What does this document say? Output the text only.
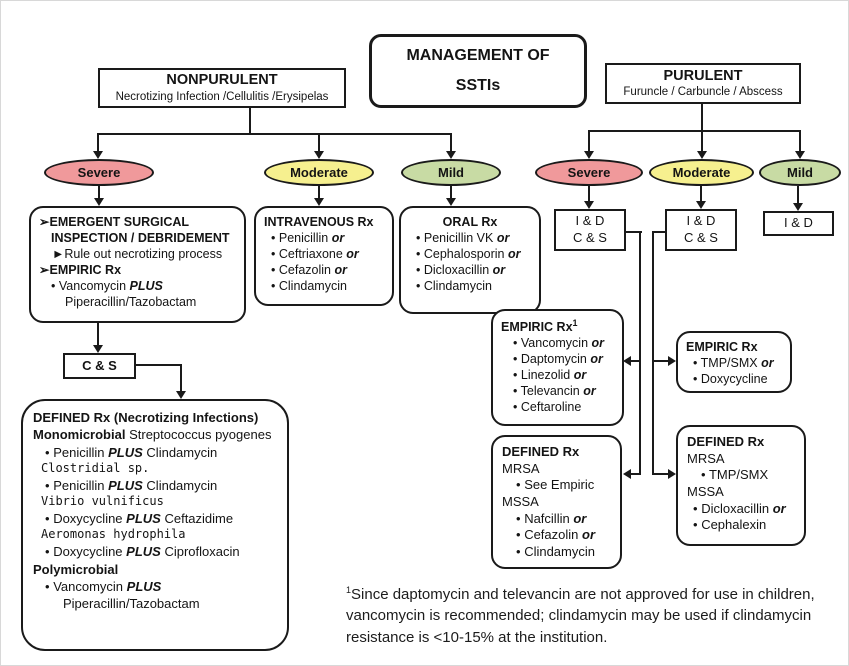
MANAGEMENT OF
SSTIs
NONPURULENT
Necrotizing Infection /Cellulitis /Erysipelas
PURULENT
Furuncle / Carbuncle / Abscess
Severe	Moderate	Mild	Severe	Moderate	Mild
➢EMERGENT SURGICAL INSPECTION / DEBRIDEMENT
►Rule out necrotizing process
➢EMPIRIC Rx
• Vancomycin PLUS
Piperacillin/Tazobactam
INTRAVENOUS Rx
• Penicillin or
• Ceftriaxone or
• Cefazolin or
• Clindamycin
ORAL Rx
• Penicillin VK or
• Cephalosporin or
• Dicloxacillin or
• Clindamycin
I & D
C & S
I & D
C & S
I & D
C & S
DEFINED Rx (Necrotizing Infections)
Monomicrobial Streptococcus pyogenes
• Penicillin PLUS Clindamycin
Clostridial sp.
• Penicillin PLUS Clindamycin
Vibrio vulnificus
• Doxycycline PLUS Ceftazidime
Aeromonas hydrophila
• Doxycycline PLUS Ciprofloxacin
Polymicrobial
• Vancomycin PLUS
Piperacillin/Tazobactam
EMPIRIC Rx$^1$
• Vancomycin or
• Daptomycin or
• Linezolid or
• Televancin or
• Ceftaroline
EMPIRIC Rx
• TMP/SMX or
• Doxycycline
DEFINED Rx
MRSA
• See Empiric
MSSA
• Nafcillin or
• Cefazolin or
• Clindamycin
DEFINED Rx
MRSA
• TMP/SMX
MSSA
• Dicloxacillin or
• Cephalexin
$^1$Since daptomycin and televancin are not approved for use in children, vancomycin is recommended; clindamycin may be used if clindamycin resistance is <10-15% at the institution.
